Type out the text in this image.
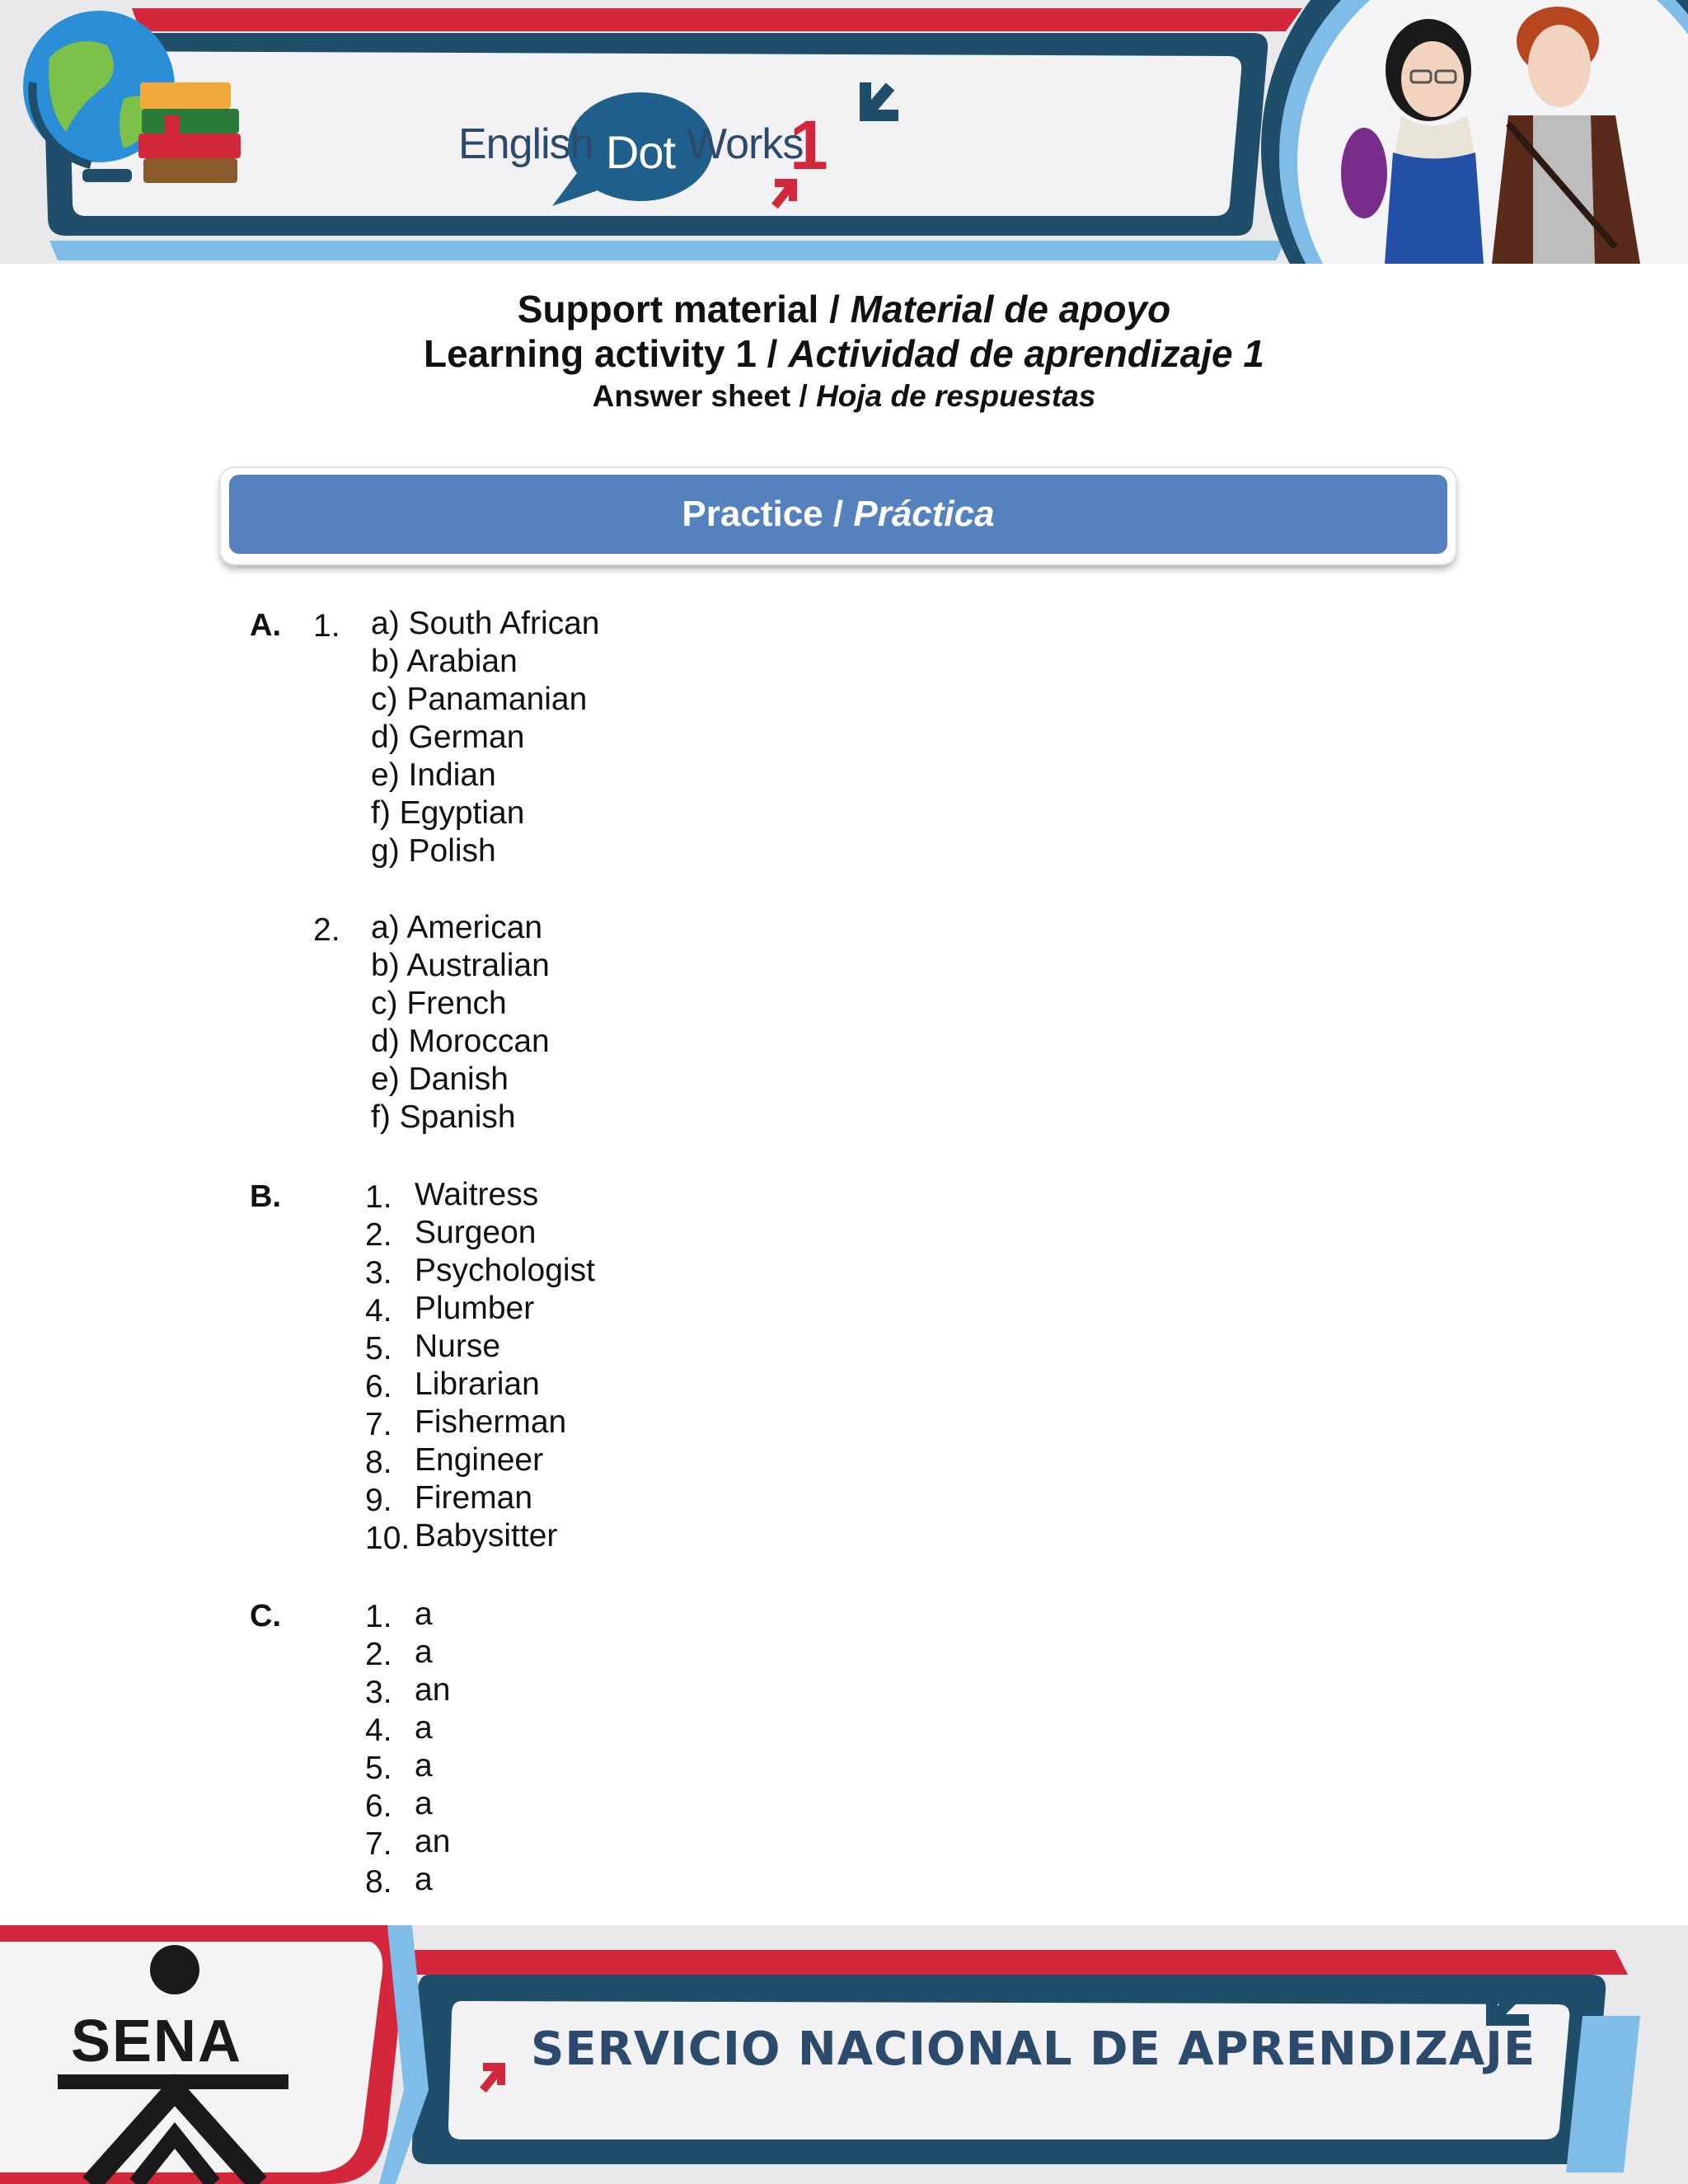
English Dot Works
1
Support material / Material de apoyo
Learning activity 1 / Actividad de aprendizaje 1
Answer sheet / Hoja de respuestas
Practice /
Práctica
A. 1. a) South African
b) Arabian
c) Panamanian
d) German
e) Indian
f) Egyptian
g) Polish
2. a) American
b) Australian
c) French
d) Moroccan
e) Danish
f) Spanish
B.	1. Waitress
2. Surgeon
3. Psychologist
4. Plumber
5. Nurse
6. Librarian
7. Fisherman
8. Engineer
9. Fireman
10. Babysitter
C.	1. a
2. a
3. an
4. a
5. a
6. a
7. an
8. a
SENA	SERVICIO NACIONAL DE APRENDIZAJE
